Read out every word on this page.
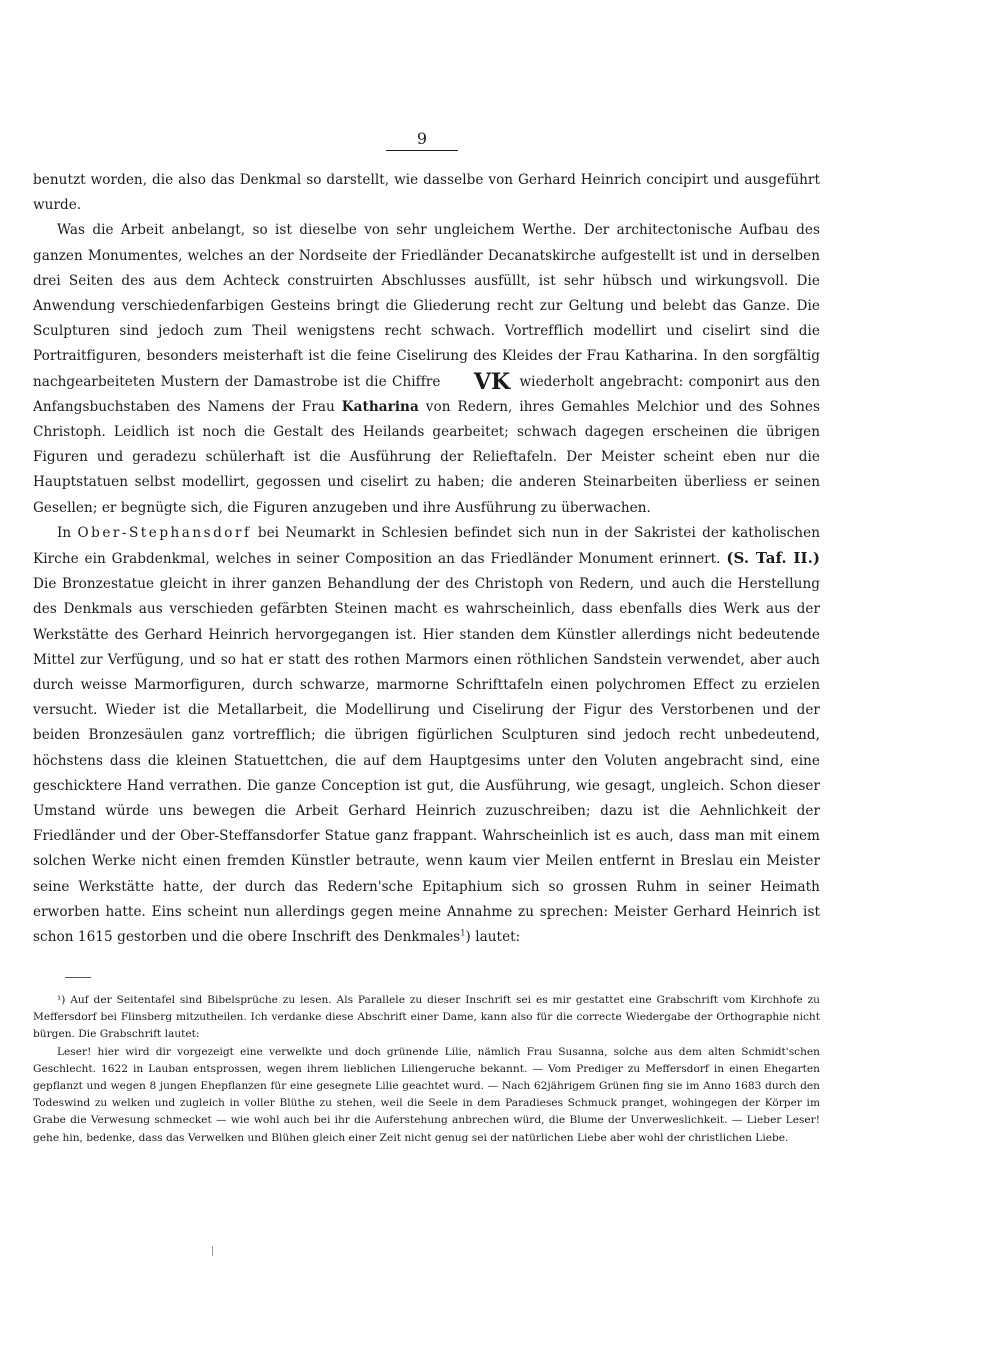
9

benutzt worden, die also das Denkmal so darstellt, wie dasselbe von Gerhard Heinrich concipirt und ausgeführt wurde.

Was die Arbeit anbelangt, so ist dieselbe von sehr ungleichem Werthe. Der architectonische Aufbau des ganzen Monumentes, welches an der Nordseite der Friedländer Decanatskirche aufgestellt ist und in derselben drei Seiten des aus dem Achteck construirten Abschlusses ausfüllt, ist sehr hübsch und wirkungsvoll. Die Anwendung verschiedenfarbigen Gesteins bringt die Gliederung recht zur Geltung und belebt das Ganze. Die Sculpturen sind jedoch zum Theil wenigstens recht schwach. Vortrefflich modellirt und ciselirt sind die Portraitfiguren, besonders meisterhaft ist die feine Ciselirung des Kleides der Frau Katharina. In den sorgfältig nachgearbeiteten Mustern der Damastrobe ist die Chiffre VK wiederholt angebracht: componirt aus den Anfangsbuchstaben des Namens der Frau Katharina von Redern, ihres Gemahles Melchior und des Sohnes Christoph. Leidlich ist noch die Gestalt des Heilands gearbeitet; schwach dagegen erscheinen die übrigen Figuren und geradezu schülerhaft ist die Ausführung der Relieftafeln. Der Meister scheint eben nur die Hauptstatuen selbst modellirt, gegossen und ciselirt zu haben; die anderen Steinarbeiten überliess er seinen Gesellen; er begnügte sich, die Figuren anzugeben und ihre Ausführung zu überwachen.

In Ober-Stephansdorf bei Neumarkt in Schlesien befindet sich nun in der Sakristei der katholischen Kirche ein Grabdenkmal, welches in seiner Composition an das Friedländer Monument erinnert. (S. Taf. II.) Die Bronzestatue gleicht in ihrer ganzen Behandlung der des Christoph von Redern, und auch die Herstellung des Denkmals aus verschieden gefärbten Steinen macht es wahrscheinlich, dass ebenfalls dies Werk aus der Werkstätte des Gerhard Heinrich hervorgegangen ist. Hier standen dem Künstler allerdings nicht bedeutende Mittel zur Verfügung, und so hat er statt des rothen Marmors einen röthlichen Sandstein verwendet, aber auch durch weisse Marmorfiguren, durch schwarze, marmorne Schrifttafeln einen polychromen Effect zu erzielen versucht. Wieder ist die Metallarbeit, die Modellirung und Ciselirung der Figur des Verstorbenen und der beiden Bronzesäulen ganz vortrefflich; die übrigen figürlichen Sculpturen sind jedoch recht unbedeutend, höchstens dass die kleinen Statuettchen, die auf dem Hauptgesims unter den Voluten angebracht sind, eine geschicktere Hand verrathen. Die ganze Conception ist gut, die Ausführung, wie gesagt, ungleich. Schon dieser Umstand würde uns bewegen die Arbeit Gerhard Heinrich zuzuschreiben; dazu ist die Aehnlichkeit der Friedländer und der Ober-Steffansdorfer Statue ganz frappant. Wahrscheinlich ist es auch, dass man mit einem solchen Werke nicht einen fremden Künstler betraute, wenn kaum vier Meilen entfernt in Breslau ein Meister seine Werkstätte hatte, der durch das Redern'sche Epitaphium sich so grossen Ruhm in seiner Heimath erworben hatte. Eins scheint nun allerdings gegen meine Annahme zu sprechen: Meister Gerhard Heinrich ist schon 1615 gestorben und die obere Inschrift des Denkmales$^1$) lautet:

¹) Auf der Seitentafel sind Bibelsprüche zu lesen. Als Parallele zu dieser Inschrift sei es mir gestattet eine Grabschrift vom Kirchhofe zu Meffersdorf bei Flinsberg mitzutheilen. Ich verdanke diese Abschrift einer Dame, kann also für die correcte Wiedergabe der Orthographie nicht bürgen. Die Grabschrift lautet:

Leser! hier wird dir vorgezeigt eine verwelkte und doch grünende Lilie, nämlich Frau Susanna, solche aus dem alten Schmidt'schen Geschlecht. 1622 in Lauban entsprossen, wegen ihrem lieblichen Liliengeruche bekannt. — Vom Prediger zu Meffersdorf in einen Ehegarten gepflanzt und wegen 8 jungen Ehepflanzen für eine gesegnete Lilie geachtet wurd. — Nach 62jährigem Grünen fing sie im Anno 1683 durch den Todeswind zu welken und zugleich in voller Blüthe zu stehen, weil die Seele in dem Paradieses Schmuck pranget, wohingegen der Körper im Grabe die Verwesung schmecket — wie wohl auch bei ihr die Auferstehung anbrechen würd, die Blume der Unverweslichkeit. — Lieber Leser! gehe hin, bedenke, dass das Verwelken und Blühen gleich einer Zeit nicht genug sei der natürlichen Liebe aber wohl der christlichen Liebe.
